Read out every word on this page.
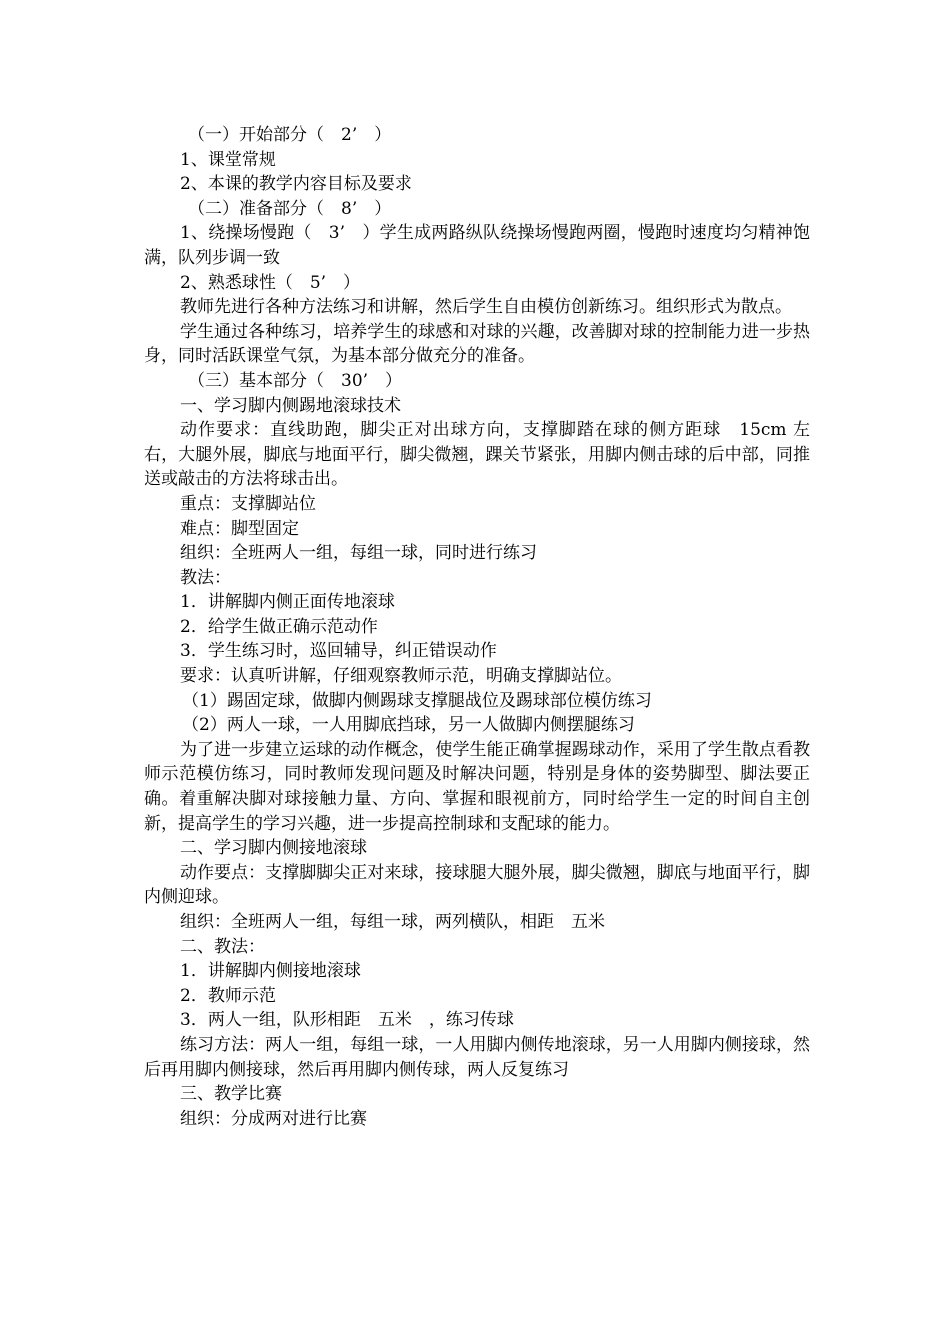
（一）开始部分（　2’　）

1、课堂常规

2、本课的教学内容目标及要求

（二）准备部分（　8’　）

1、绕操场慢跑（　3’　）学生成两路纵队绕操场慢跑两圈，慢跑时速度均匀精神饱满，队列步调一致

2、熟悉球性（　5’　）

教师先进行各种方法练习和讲解，然后学生自由模仿创新练习。组织形式为散点。

学生通过各种练习，培养学生的球感和对球的兴趣，改善脚对球的控制能力进一步热身，同时活跃课堂气氛，为基本部分做充分的准备。

（三）基本部分（　30’　）

一、学习脚内侧踢地滚球技术

动作要求：直线助跑，脚尖正对出球方向，支撑脚踏在球的侧方距球　15cm 左右，大腿外展，脚底与地面平行，脚尖微翘，踝关节紧张，用脚内侧击球的后中部，同推送或敲击的方法将球击出。

重点：支撑脚站位

难点：脚型固定

组织：全班两人一组，每组一球，同时进行练习

教法：

1．讲解脚内侧正面传地滚球

2．给学生做正确示范动作

3．学生练习时，巡回辅导，纠正错误动作

要求：认真听讲解，仔细观察教师示范，明确支撑脚站位。

（1）踢固定球，做脚内侧踢球支撑腿战位及踢球部位模仿练习

（2）两人一球，一人用脚底挡球，另一人做脚内侧摆腿练习

为了进一步建立运球的动作概念，使学生能正确掌握踢球动作，采用了学生散点看教师示范模仿练习，同时教师发现问题及时解决问题，特别是身体的姿势脚型、脚法要正确。着重解决脚对球接触力量、方向、掌握和眼视前方，同时给学生一定的时间自主创新，提高学生的学习兴趣，进一步提高控制球和支配球的能力。

二、学习脚内侧接地滚球

动作要点：支撑脚脚尖正对来球，接球腿大腿外展，脚尖微翘，脚底与地面平行，脚内侧迎球。

组织：全班两人一组，每组一球，两列横队，相距　五米

二、教法：

1．讲解脚内侧接地滚球

2．教师示范

3．两人一组，队形相距　五米　，练习传球

练习方法：两人一组，每组一球，一人用脚内侧传地滚球，另一人用脚内侧接球，然后再用脚内侧接球，然后再用脚内侧传球，两人反复练习

三、教学比赛

组织：分成两对进行比赛
